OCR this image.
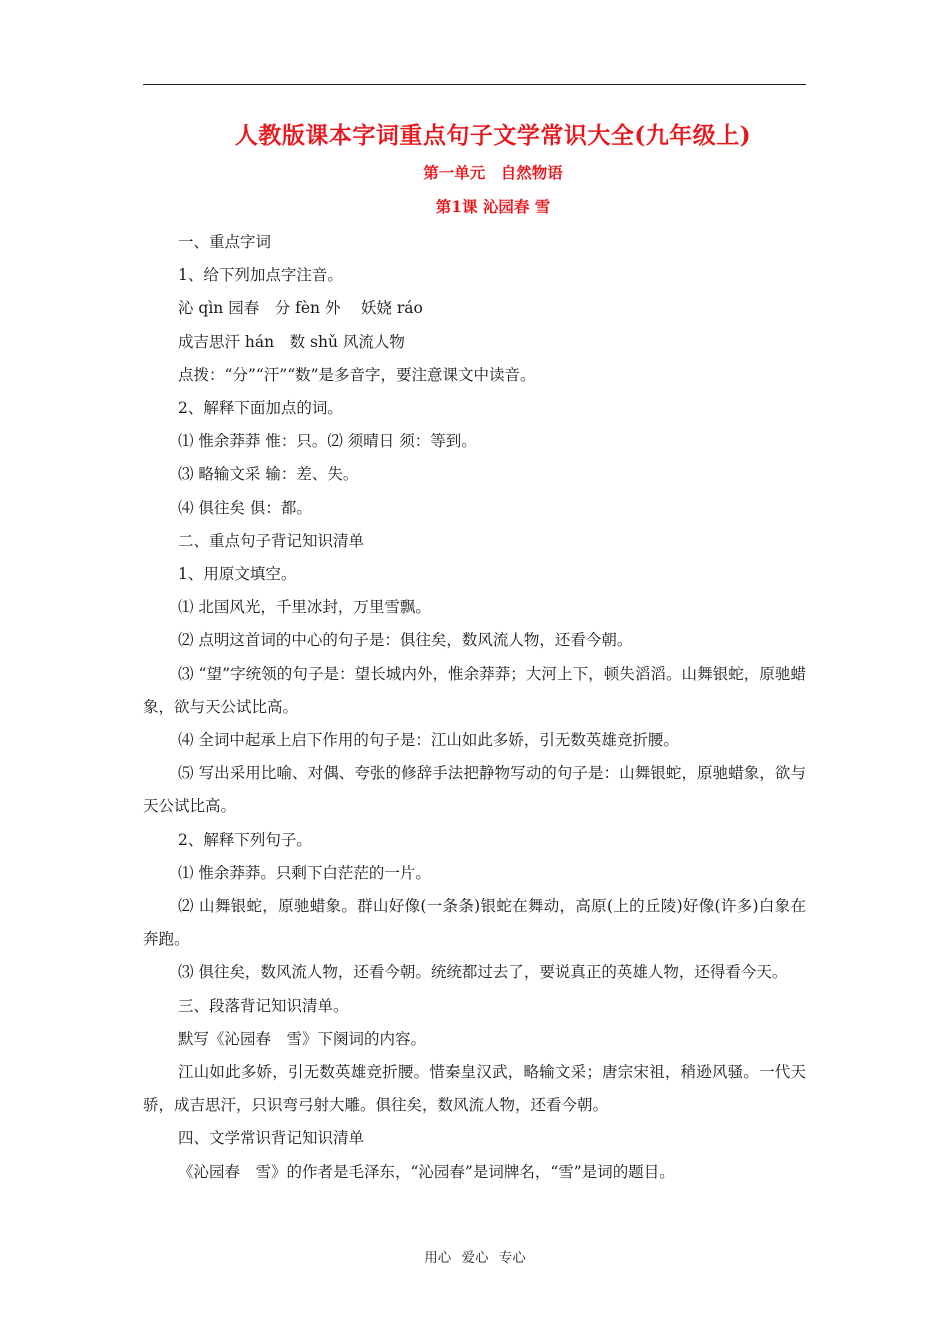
人教版课本字词重点句子文学常识大全(九年级上)
第一单元　自然物语
第1课 沁园春 雪

一、重点字词

1、给下列加点字注音。

沁 qìn 园春　分 fèn 外　 妖娆 ráo

成吉思汗 hán　数 shǔ 风流人物

点拨：“分”“汗”“数”是多音字，要注意课文中读音。

2、解释下面加点的词。

⑴ 惟余莽莽 惟：只。⑵ 须晴日 须：等到。

⑶ 略输文采 输：差、失。

⑷ 俱往矣 俱：都。

二、重点句子背记知识清单

1、用原文填空。

⑴ 北国风光，千里冰封，万里雪飘。

⑵ 点明这首词的中心的句子是：俱往矣，数风流人物，还看今朝。

⑶ “望”字统领的句子是：望长城内外，惟余莽莽；大河上下，顿失滔滔。山舞银蛇，原驰蜡象，欲与天公试比高。

⑷ 全词中起承上启下作用的句子是：江山如此多娇，引无数英雄竞折腰。

⑸ 写出采用比喻、对偶、夸张的修辞手法把静物写动的句子是：山舞银蛇，原驰蜡象，欲与天公试比高。

2、解释下列句子。

⑴ 惟余莽莽。只剩下白茫茫的一片。

⑵ 山舞银蛇，原驰蜡象。群山好像(一条条)银蛇在舞动，高原(上的丘陵)好像(许多)白象在奔跑。

⑶ 俱往矣，数风流人物，还看今朝。统统都过去了，要说真正的英雄人物，还得看今天。

三、段落背记知识清单。

默写《沁园春　雪》下阕词的内容。

江山如此多娇，引无数英雄竞折腰。惜秦皇汉武，略输文采；唐宗宋祖，稍逊风骚。一代天骄，成吉思汗，只识弯弓射大雕。俱往矣，数风流人物，还看今朝。

四、文学常识背记知识清单

《沁园春　雪》的作者是毛泽东，“沁园春”是词牌名，“雪”是词的题目。

用心 爱心 专心
